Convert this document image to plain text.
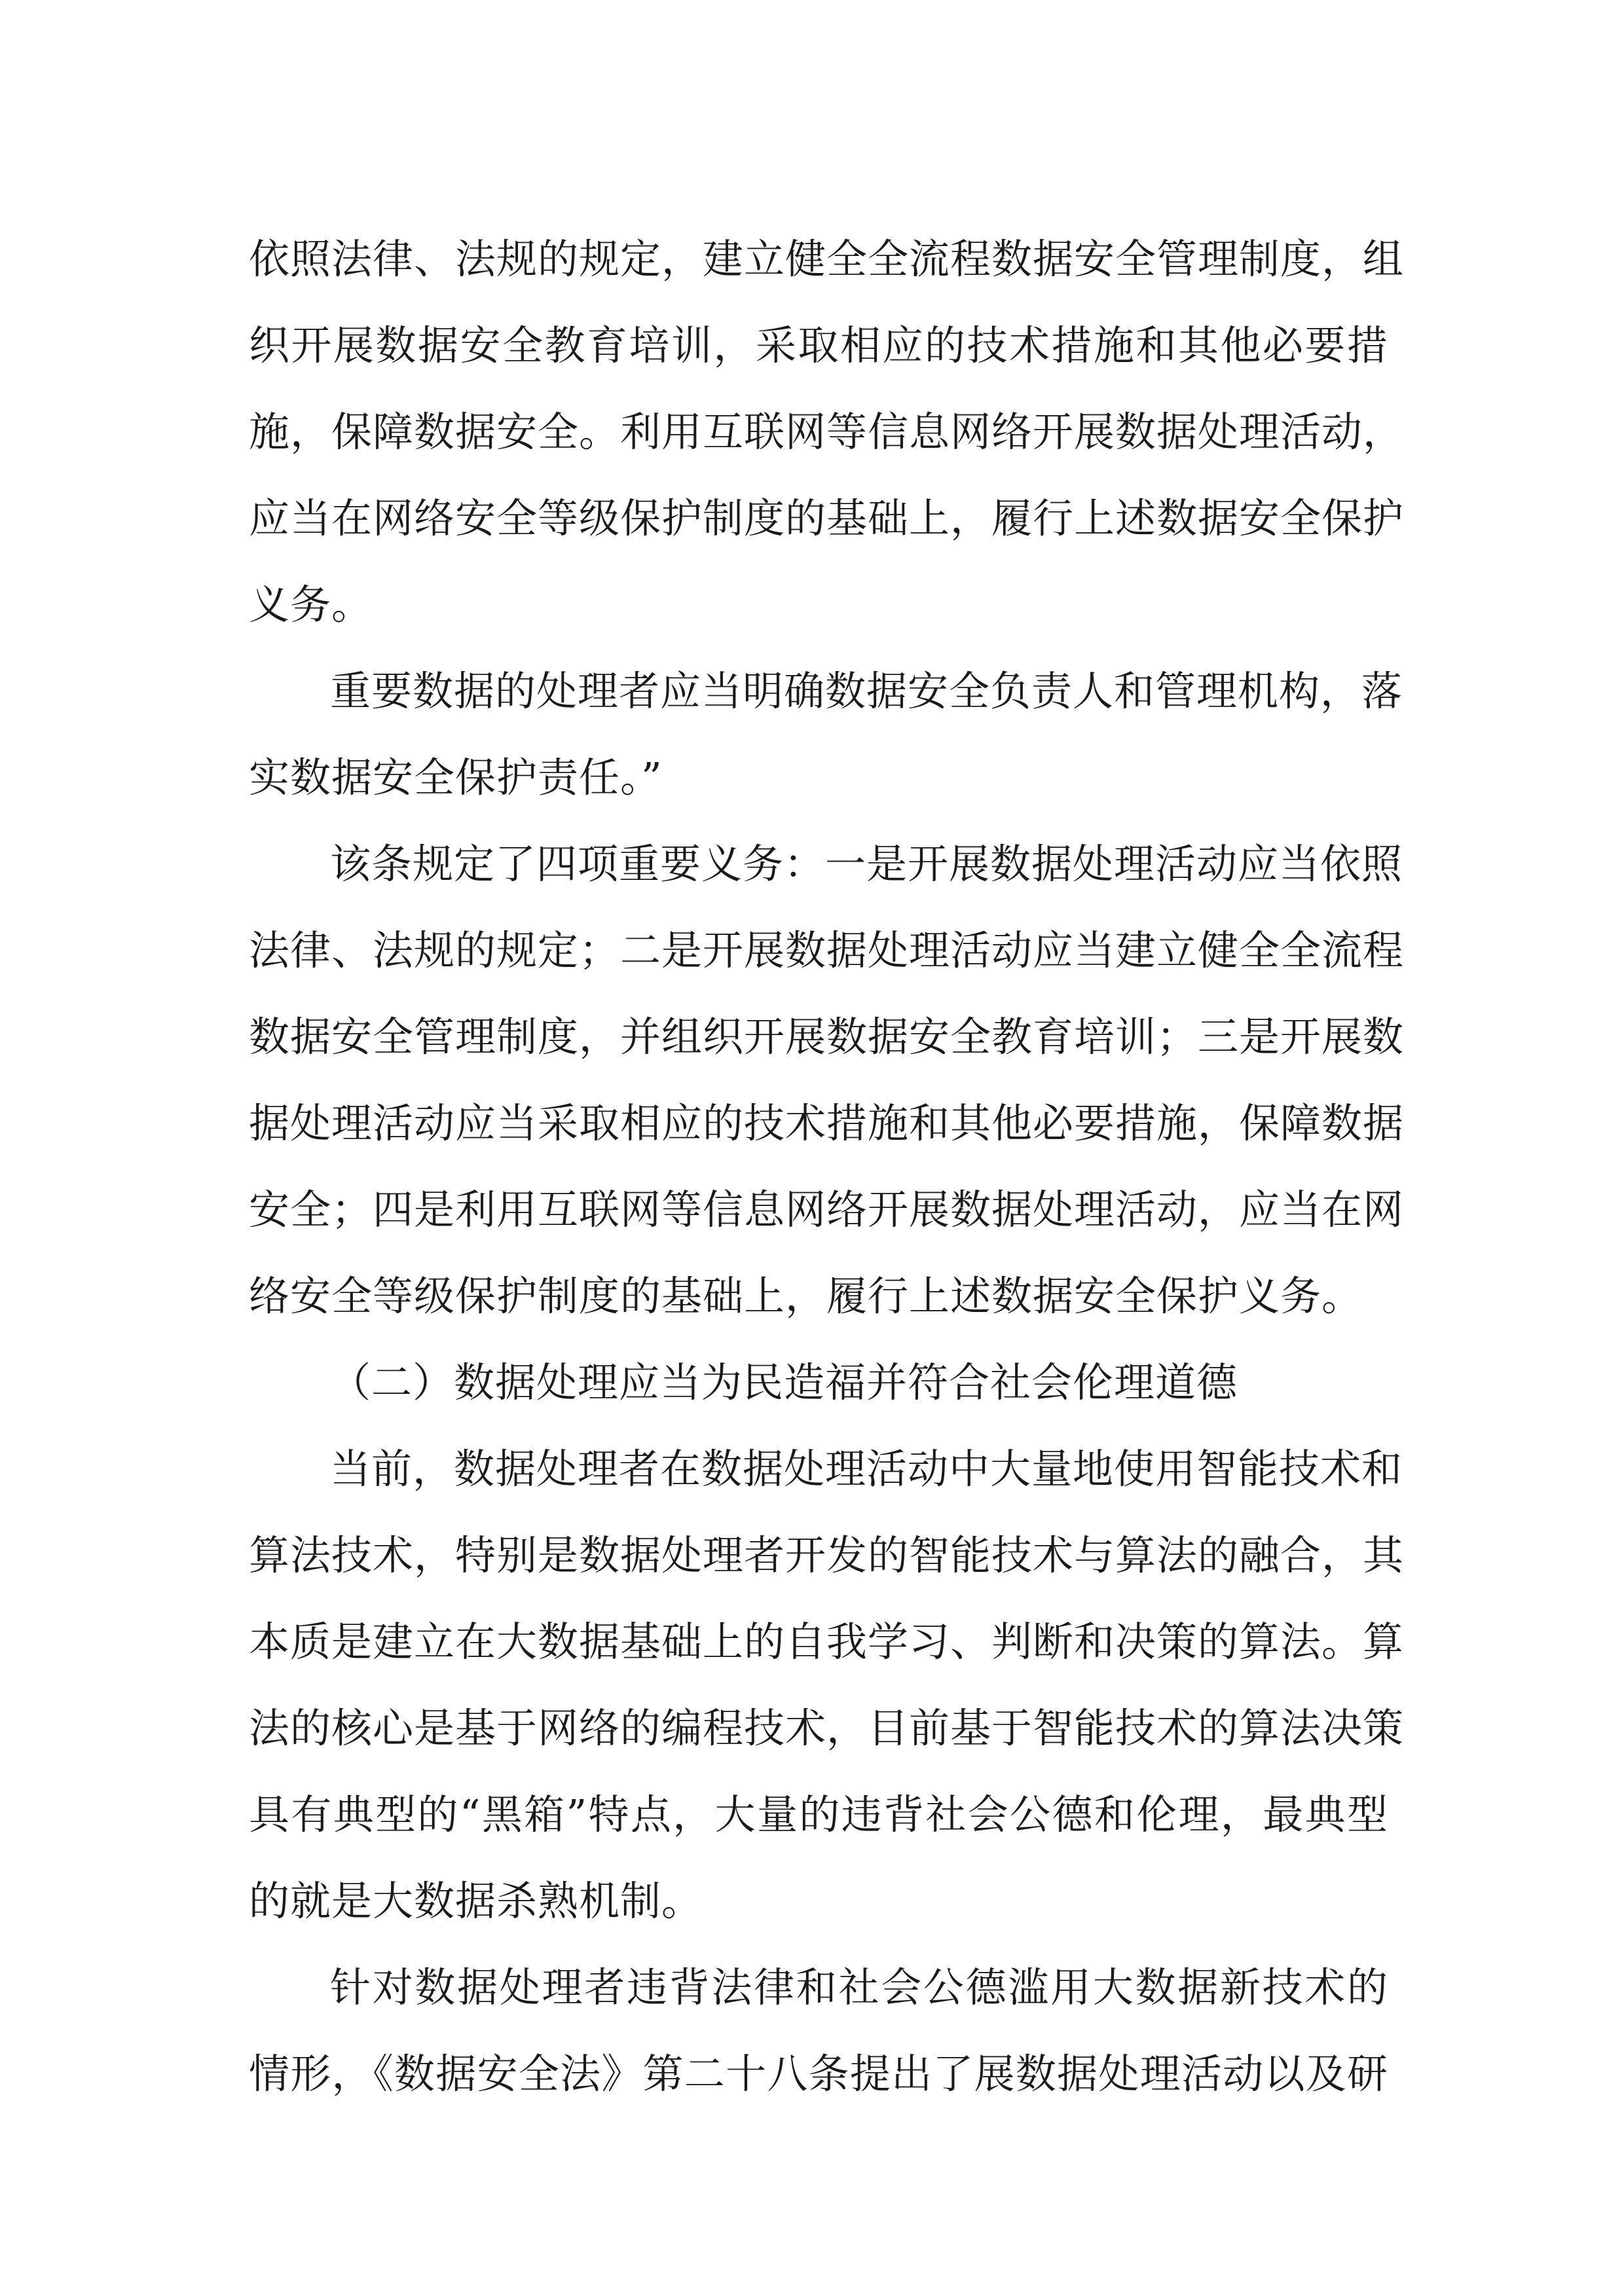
依照法律、法规的规定，建立健全全流程数据安全管理制度，组
织开展数据安全教育培训，采取相应的技术措施和其他必要措
施，保障数据安全。利用互联网等信息网络开展数据处理活动，
应当在网络安全等级保护制度的基础上，履行上述数据安全保护
义务。
重要数据的处理者应当明确数据安全负责人和管理机构，落
实数据安全保护责任。”
该条规定了四项重要义务：一是开展数据处理活动应当依照
法律、法规的规定；二是开展数据处理活动应当建立健全全流程
数据安全管理制度，并组织开展数据安全教育培训；三是开展数
据处理活动应当采取相应的技术措施和其他必要措施，保障数据
安全；四是利用互联网等信息网络开展数据处理活动，应当在网
络安全等级保护制度的基础上，履行上述数据安全保护义务。
（二）数据处理应当为民造福并符合社会伦理道德
当前，数据处理者在数据处理活动中大量地使用智能技术和
算法技术，特别是数据处理者开发的智能技术与算法的融合，其
本质是建立在大数据基础上的自我学习、判断和决策的算法。算
法的核心是基于网络的编程技术，目前基于智能技术的算法决策
具有典型的“黑箱”特点，大量的违背社会公德和伦理，最典型
的就是大数据杀熟机制。
针对数据处理者违背法律和社会公德滥用大数据新技术的
情形，《数据安全法》第二十八条提出了展数据处理活动以及研
